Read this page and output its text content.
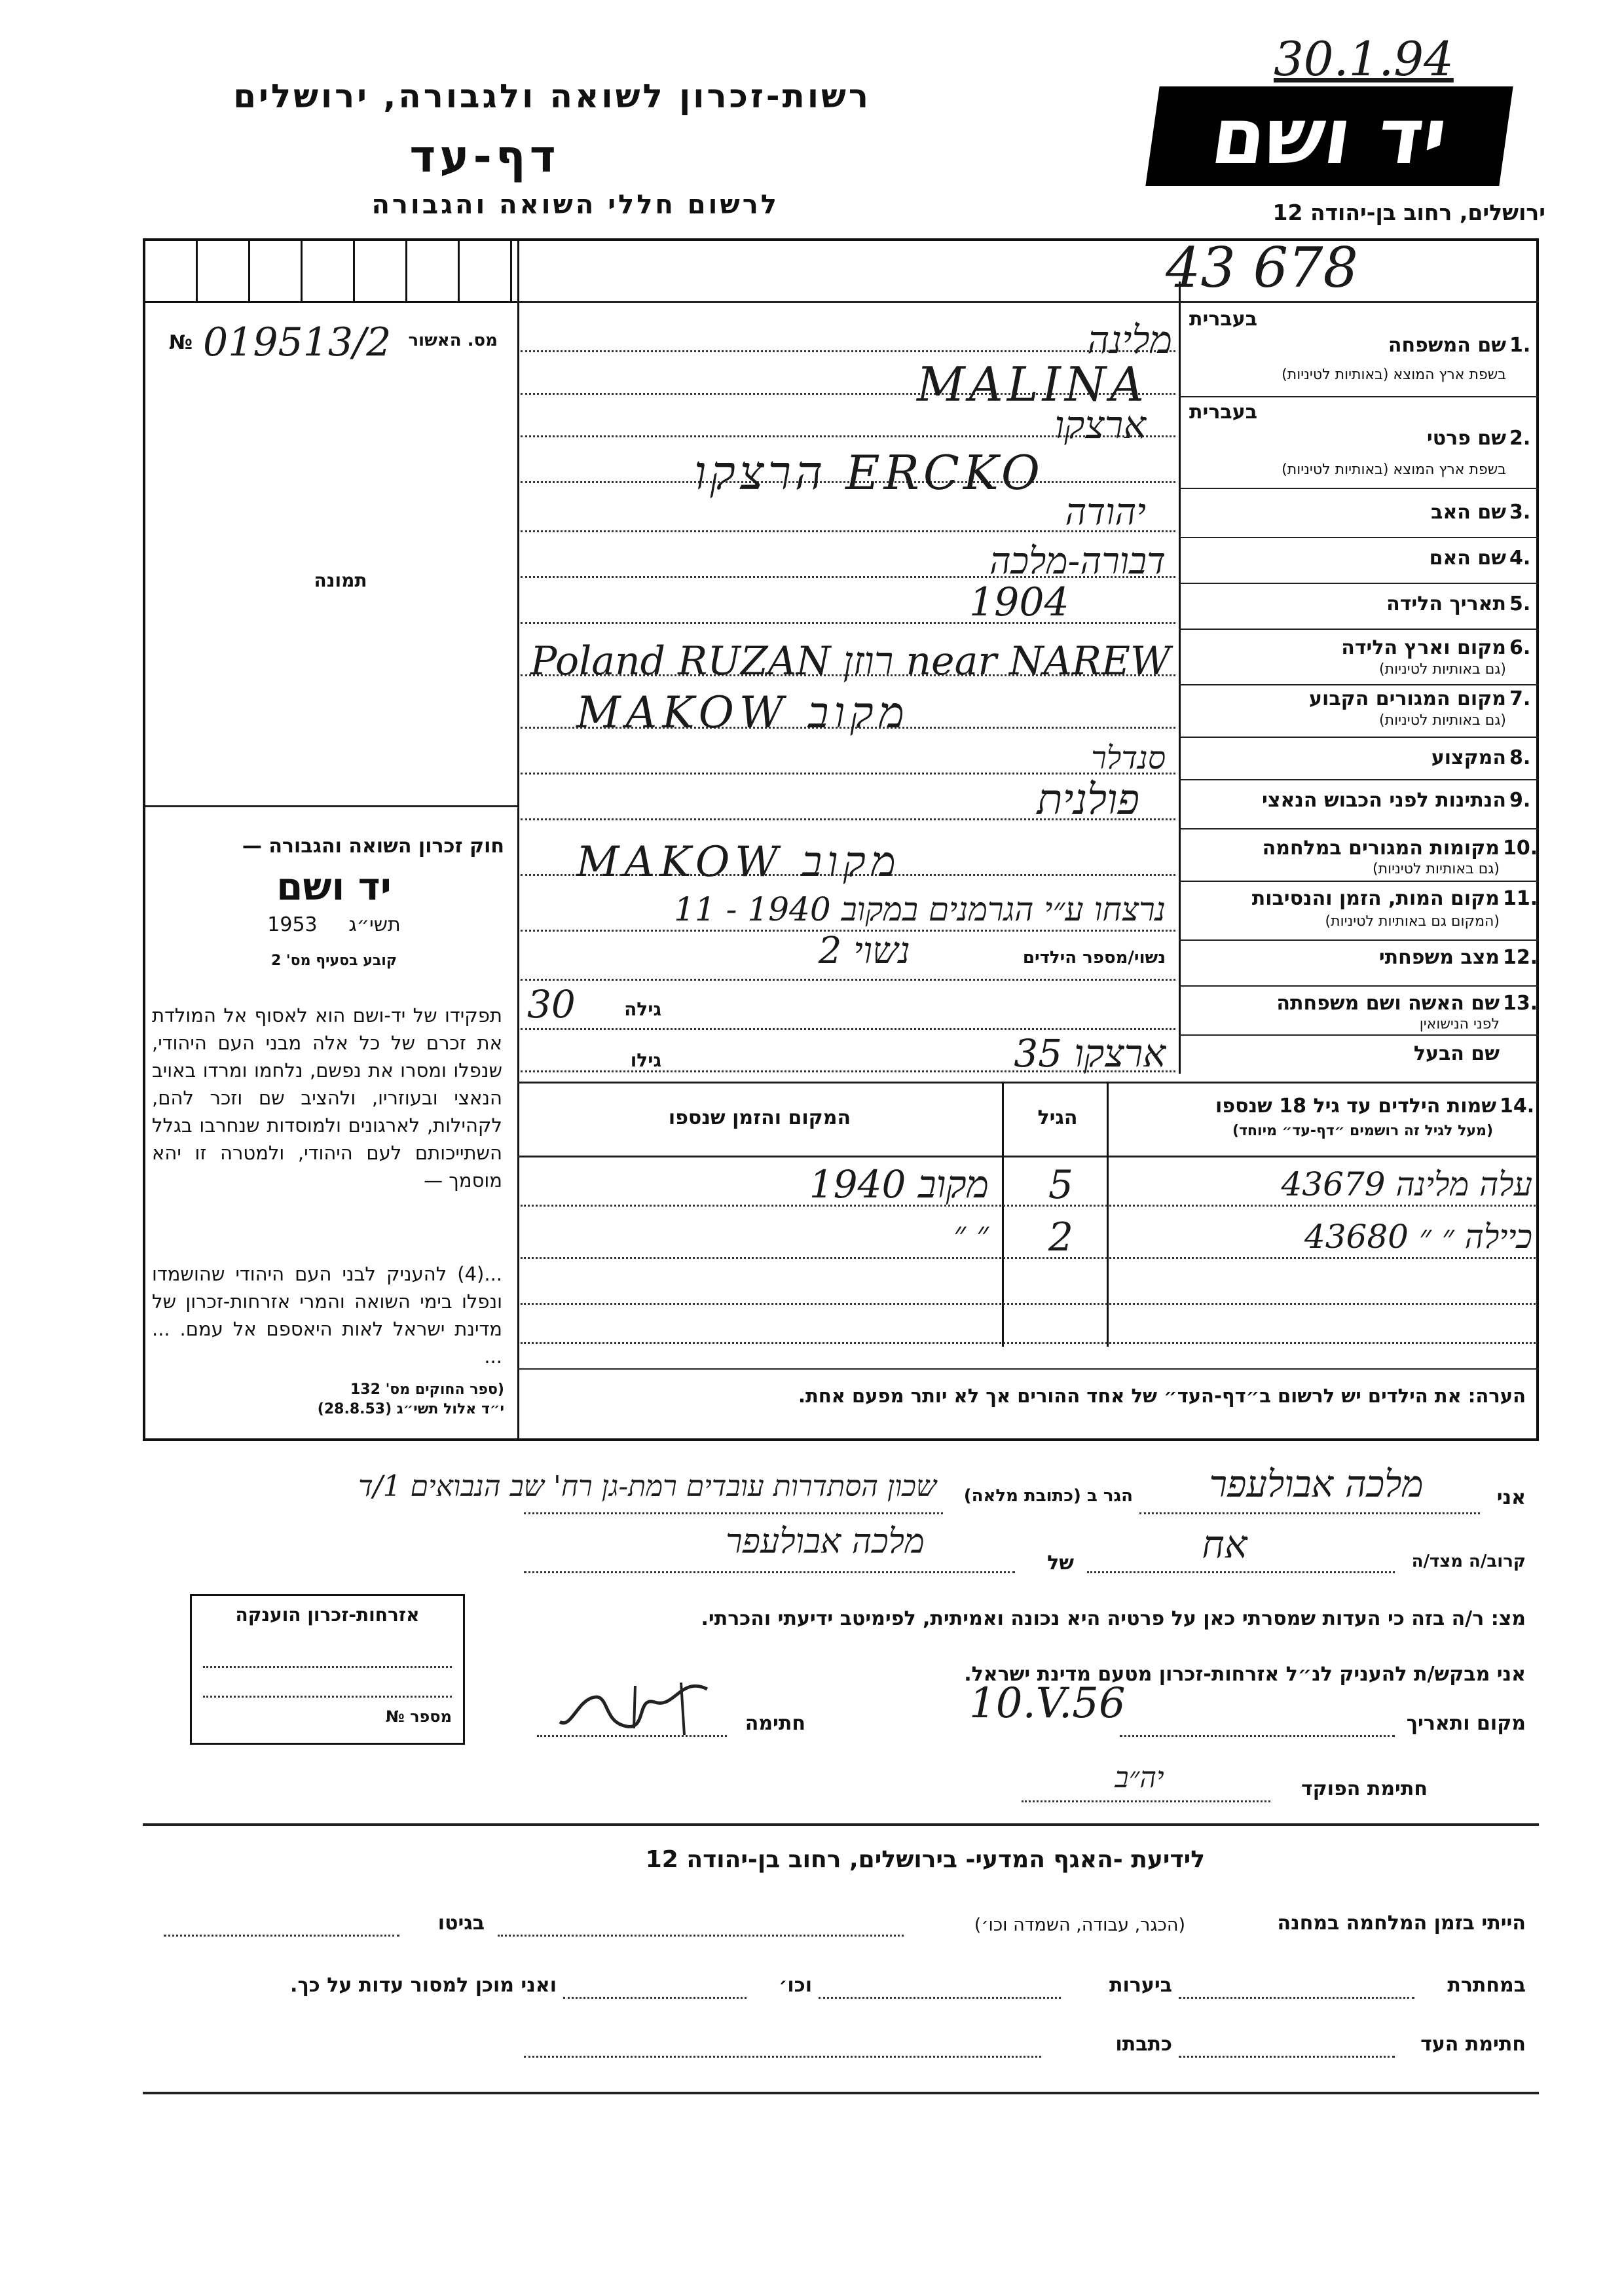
רשות-זכרון לשואה ולגבורה, ירושלים
דף-עד
לרשום חללי השואה והגבורה
30.1.94
יד ושם
ירושלים, רחוב בן-יהודה 12
43 678
מס. האשור
019513/2
№
תמונה
חוק זכרון השואה והגבורה —
יד ושם
1953 תשי״ג
קובע בסעיף מס' 2
תפקידו של יד-ושם הוא לאסוף אל המולדת את זכרם של כל אלה מבני העם היהודי, שנפלו ומסרו את נפשם, נלחמו ומרדו באויב הנאצי ובעוזריו, ולהציב שם וזכר להם, לקהילות, לארגונים ולמוסדות שנחרבו בגלל השתייכותם לעם היהודי, ולמטרה זו יהא מוסמך —
...(4) להעניק לבני העם היהודי שהושמדו ונפלו בימי השואה והמרי אזרחות-זכרון של מדינת ישראל לאות היאספם אל עמם. ... ...
(ספר החוקים מס' 132
י״ד אלול תשי״ג (28.8.53)
1.
בעברית
שם המשפחה
בשפת ארץ המוצא (באותיות לטיניות)
מלינה
MALINA
2.
בעברית
שם פרטי
בשפת ארץ המוצא (באותיות לטיניות)
ארצקו
הרצקו ERCKO
3.
שם האב
יהודה
4.
שם האם
דבורה-מלכה
5.
תאריך הלידה
1904
6.
מקום וארץ הלידה
(גם באותיות לטיניות)
Poland RUZAN רוזן near NAREW
7.
מקום המגורים הקבוע
(גם באותיות לטיניות)
MAKOW מקוב
8.
המקצוע
סנדלר
9.
הנתינות לפני הכבוש הנאצי
פולנית
10.
מקומות המגורים במלחמה
(גם באותיות לטיניות)
MAKOW מקוב
11.
מקום המות, הזמן והנסיבות
(המקום גם באותיות לטיניות)
נרצחו ע״י הגרמנים במקוב 1940 - 11
12.
מצב משפחתי
נשוי/מספר הילדים
נשוי 2
13.
שם האשה ושם משפחתה
לפני הנישואין
גילה
30
שם הבעל
גילו	ארצקו 35
14.
שמות הילדים עד גיל 18 שנספו
(מעל לגיל זה רושמים ״דף-עד״ מיוחד)
הגיל
המקום והזמן שנספו
עלה מלינה 43679
5
מקוב 1940
כיילה ״ ״ 43680
2
״ ״
הערה: את הילדים יש לרשום ב״דף-העד״ של אחד ההורים אך לא יותר מפעם אחת.
אזרחות-זכרון הוענקה
מספר №
אני
מלכה אבולעפר
הגר ב (כתובת מלאה)
שכון הסתדרות עובדים רמת-גן רח' שב הנבואים 1/ד
קרוב/ה מצד/ה
אח
של
מלכה אבולעפר
מצ: ר/ה בזה כי העדות שמסרתי כאן על פרטיה היא נכונה ואמיתית, לפימיטב ידיעתי והכרתי.
אני מבקש/ת להעניק לנ״ל אזרחות-זכרון מטעם מדינת ישראל.
מקום ותאריך
10.V.56
חתימה
חתימת הפוקד
יה״ב
לידיעת -האגף המדעי- בירושלים, רחוב בן-יהודה 12
הייתי בזמן המלחמה במחנה
(הכגר, עבודה, השמדה וכו׳)
בגיטו
במחתרת
ביערות
וכו׳
ואני מוכן למסור עדות על כך.
חתימת העד
כתבתו
